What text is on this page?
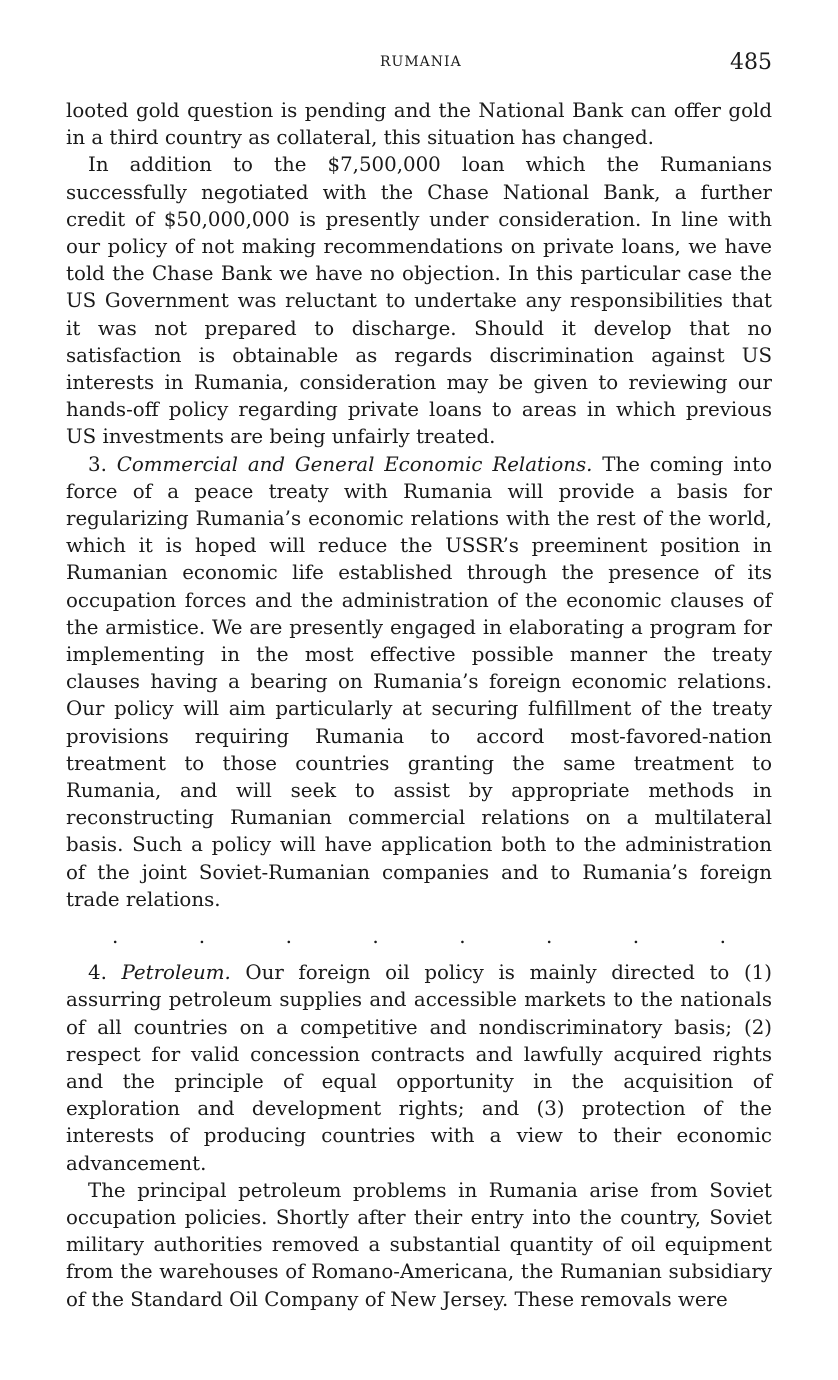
RUMANIA	485

looted gold question is pending and the National Bank can offer gold in a third country as collateral, this situation has changed.

In addition to the $7,500,000 loan which the Rumanians successfully negotiated with the Chase National Bank, a further credit of $50,000,000 is presently under consideration. In line with our policy of not making recommendations on private loans, we have told the Chase Bank we have no objection. In this particular case the US Government was reluctant to undertake any responsibilities that it was not prepared to discharge. Should it develop that no satisfaction is obtainable as regards discrimination against US interests in Rumania, consideration may be given to reviewing our hands-off policy regarding private loans to areas in which previous US investments are being unfairly treated.

3. Commercial and General Economic Relations. The coming into force of a peace treaty with Rumania will provide a basis for regularizing Rumania’s economic relations with the rest of the world, which it is hoped will reduce the USSR’s preeminent position in Rumanian economic life established through the presence of its occupation forces and the administration of the economic clauses of the armistice. We are presently engaged in elaborating a program for implementing in the most effective possible manner the treaty clauses having a bearing on Rumania’s foreign economic relations. Our policy will aim particularly at securing fulfillment of the treaty provisions requiring Rumania to accord most-favored-nation treatment to those countries granting the same treatment to Rumania, and will seek to assist by appropriate methods in reconstructing Rumanian commercial relations on a multilateral basis. Such a policy will have application both to the administration of the joint Soviet-Rumanian companies and to Rumania’s foreign trade relations.

.	.	.	.	.	.	.	.

4. Petroleum. Our foreign oil policy is mainly directed to (1) assurring petroleum supplies and accessible markets to the nationals of all countries on a competitive and nondiscriminatory basis; (2) respect for valid concession contracts and lawfully acquired rights and the principle of equal opportunity in the acquisition of exploration and development rights; and (3) protection of the interests of producing countries with a view to their economic advancement.

The principal petroleum problems in Rumania arise from Soviet occupation policies. Shortly after their entry into the country, Soviet military authorities removed a substantial quantity of oil equipment from the warehouses of Romano-Americana, the Rumanian subsidiary of the Standard Oil Company of New Jersey. These removals were
